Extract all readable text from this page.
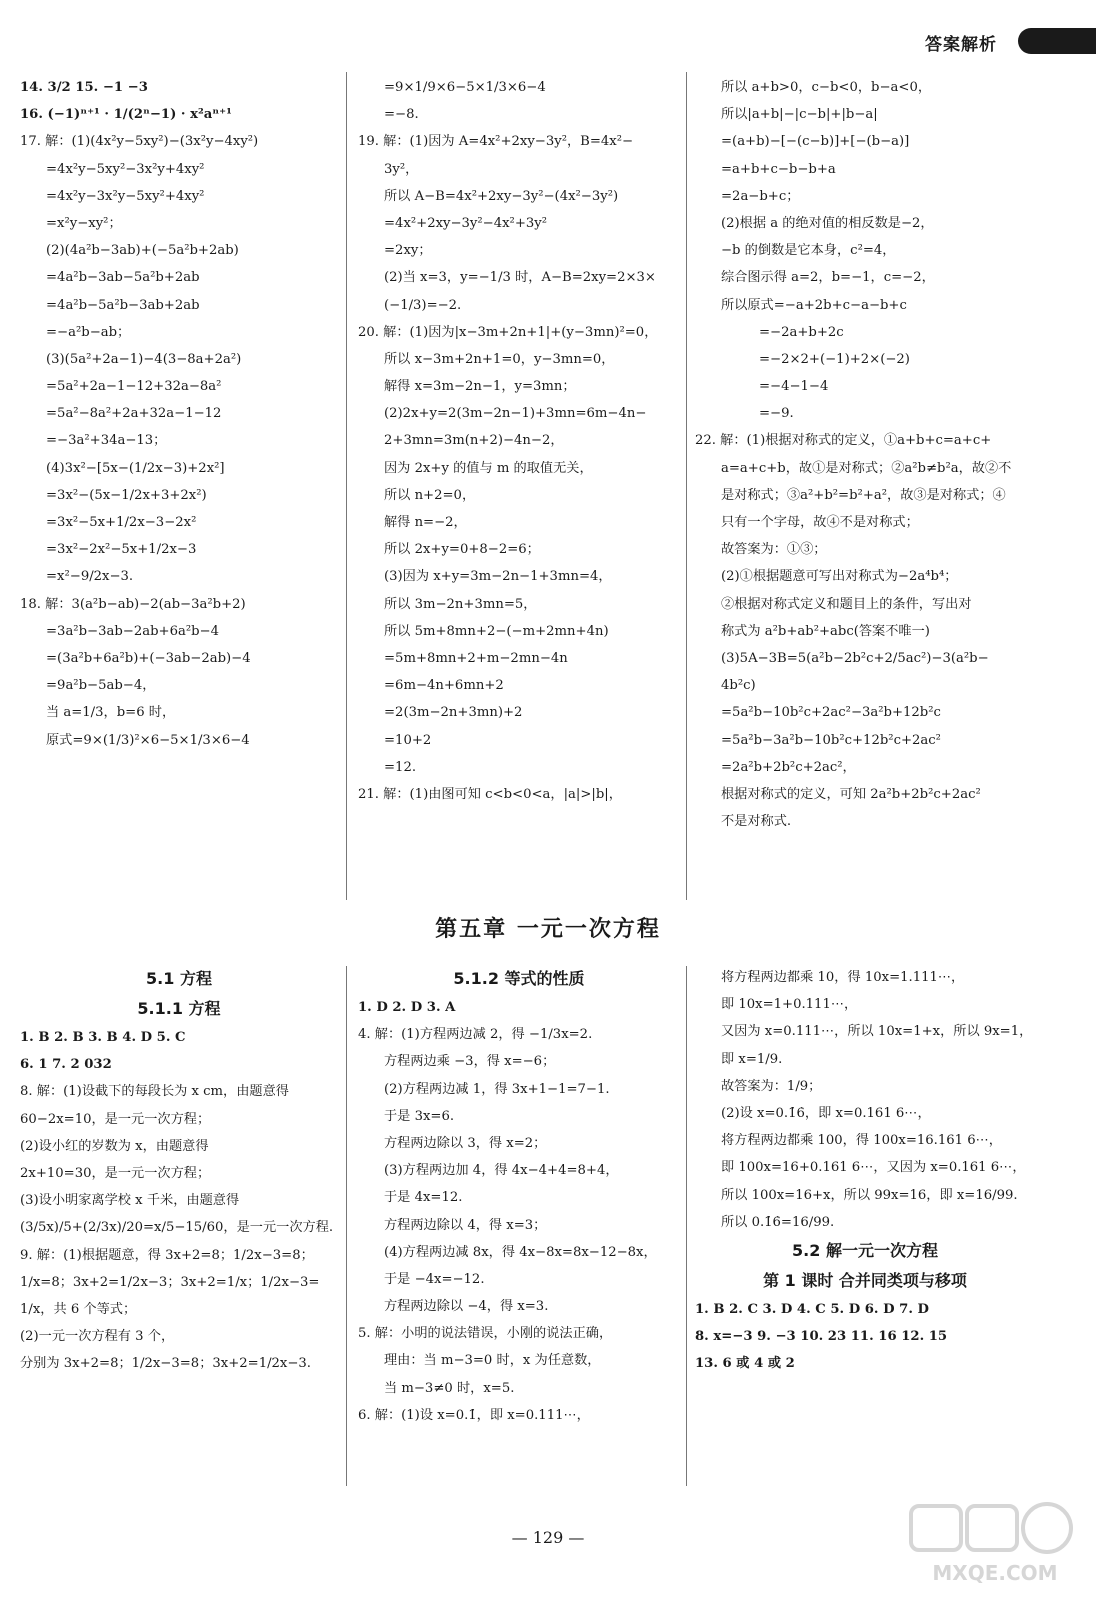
答案解析
14. 3/2 15. −1 −3
16. (−1)ⁿ⁺¹ · 1/(2ⁿ−1) · x²aⁿ⁺¹
17. 解：(1)(4x²y−5xy²)−(3x²y−4xy²)
=4x²y−5xy²−3x²y+4xy²
=4x²y−3x²y−5xy²+4xy²
=x²y−xy²；
(2)(4a²b−3ab)+(−5a²b+2ab)
=4a²b−3ab−5a²b+2ab
=4a²b−5a²b−3ab+2ab
=−a²b−ab；
(3)(5a²+2a−1)−4(3−8a+2a²)
=5a²+2a−1−12+32a−8a²
=5a²−8a²+2a+32a−1−12
=−3a²+34a−13；
(4)3x²−[5x−(1/2x−3)+2x²]
=3x²−(5x−1/2x+3+2x²)
=3x²−5x+1/2x−3−2x²
=3x²−2x²−5x+1/2x−3
=x²−9/2x−3.
18. 解：3(a²b−ab)−2(ab−3a²b+2)
=3a²b−3ab−2ab+6a²b−4
=(3a²b+6a²b)+(−3ab−2ab)−4
=9a²b−5ab−4，
当 a=1/3，b=6 时，
原式=9×(1/3)²×6−5×1/3×6−4
=9×1/9×6−5×1/3×6−4
=−8.
19. 解：(1)因为 A=4x²+2xy−3y²，B=4x²−
3y²，
所以 A−B=4x²+2xy−3y²−(4x²−3y²)
=4x²+2xy−3y²−4x²+3y²
=2xy；
(2)当 x=3，y=−1/3 时，A−B=2xy=2×3×
(−1/3)=−2.
20. 解：(1)因为|x−3m+2n+1|+(y−3mn)²=0，
所以 x−3m+2n+1=0，y−3mn=0，
解得 x=3m−2n−1，y=3mn；
(2)2x+y=2(3m−2n−1)+3mn=6m−4n−
2+3mn=3m(n+2)−4n−2，
因为 2x+y 的值与 m 的取值无关，
所以 n+2=0，
解得 n=−2，
所以 2x+y=0+8−2=6；
(3)因为 x+y=3m−2n−1+3mn=4，
所以 3m−2n+3mn=5，
所以 5m+8mn+2−(−m+2mn+4n)
=5m+8mn+2+m−2mn−4n
=6m−4n+6mn+2
=2(3m−2n+3mn)+2
=10+2
=12.
21. 解：(1)由图可知 c<b<0<a，|a|>|b|，
所以 a+b>0，c−b<0，b−a<0，
所以|a+b|−|c−b|+|b−a|
=(a+b)−[−(c−b)]+[−(b−a)]
=a+b+c−b−b+a
=2a−b+c；
(2)根据 a 的绝对值的相反数是−2，
−b 的倒数是它本身，c²=4，
综合图示得 a=2，b=−1，c=−2，
所以原式=−a+2b+c−a−b+c
=−2a+b+2c
=−2×2+(−1)+2×(−2)
=−4−1−4
=−9.
22. 解：(1)根据对称式的定义，①a+b+c=a+c+
a=a+c+b，故①是对称式；②a²b≠b²a，故②不
是对称式；③a²+b²=b²+a²，故③是对称式；④
只有一个字母，故④不是对称式；
故答案为：①③；
(2)①根据题意可写出对称式为−2a⁴b⁴；
②根据对称式定义和题目上的条件，写出对
称式为 a²b+ab²+abc(答案不唯一)
(3)5A−3B=5(a²b−2b²c+2/5ac²)−3(a²b−
4b²c)
=5a²b−10b²c+2ac²−3a²b+12b²c
=5a²b−3a²b−10b²c+12b²c+2ac²
=2a²b+2b²c+2ac²，
根据对称式的定义，可知 2a²b+2b²c+2ac²
不是对称式.
第五章 一元一次方程
5.1 方程
5.1.1 方程
1. B 2. B 3. B 4. D 5. C
6. 1 7. 2 032
8. 解：(1)设截下的每段长为 x cm，由题意得
60−2x=10，是一元一次方程；
(2)设小红的岁数为 x，由题意得
2x+10=30，是一元一次方程；
(3)设小明家离学校 x 千米，由题意得
(3/5x)/5+(2/3x)/20=x/5−15/60，是一元一次方程.
9. 解：(1)根据题意，得 3x+2=8；1/2x−3=8；
1/x=8；3x+2=1/2x−3；3x+2=1/x；1/2x−3=
1/x，共 6 个等式；
(2)一元一次方程有 3 个，
分别为 3x+2=8；1/2x−3=8；3x+2=1/2x−3.
5.1.2 等式的性质
1. D 2. D 3. A
4. 解：(1)方程两边减 2，得 −1/3x=2.
方程两边乘 −3，得 x=−6；
(2)方程两边减 1，得 3x+1−1=7−1.
于是 3x=6.
方程两边除以 3，得 x=2；
(3)方程两边加 4，得 4x−4+4=8+4，
于是 4x=12.
方程两边除以 4，得 x=3；
(4)方程两边减 8x，得 4x−8x=8x−12−8x，
于是 −4x=−12.
方程两边除以 −4，得 x=3.
5. 解：小明的说法错误，小刚的说法正确，
理由：当 m−3=0 时，x 为任意数，
当 m−3≠0 时，x=5.
6. 解：(1)设 x=0.1̇，即 x=0.111⋯，
将方程两边都乘 10，得 10x=1.111⋯，
即 10x=1+0.111⋯，
又因为 x=0.111⋯，所以 10x=1+x，所以 9x=1，
即 x=1/9.
故答案为：1/9；
(2)设 x=0.1̇6̇，即 x=0.161 6⋯，
将方程两边都乘 100，得 100x=16.161 6⋯，
即 100x=16+0.161 6⋯，又因为 x=0.161 6⋯，
所以 100x=16+x，所以 99x=16，即 x=16/99.
所以 0.1̇6̇=16/99.
5.2 解一元一次方程
第 1 课时 合并同类项与移项
1. B 2. C 3. D 4. C 5. D 6. D 7. D
8. x=−3 9. −3 10. 23 11. 16 12. 15
13. 6 或 4 或 2
— 129 —
MXQE.COM
